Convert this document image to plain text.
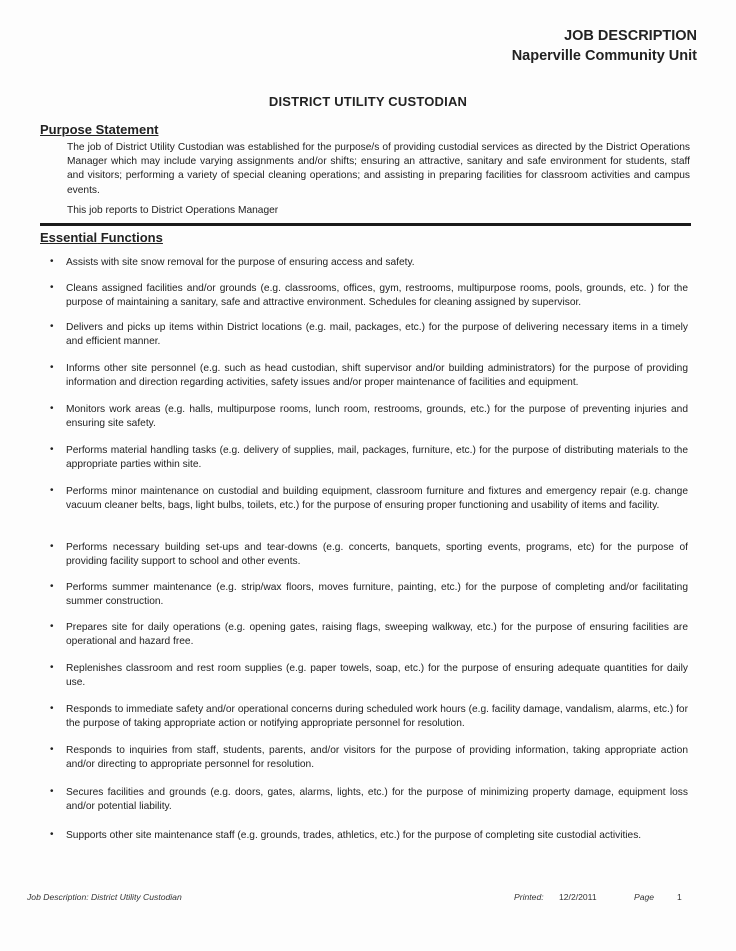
JOB DESCRIPTION
Naperville Community Unit
DISTRICT UTILITY CUSTODIAN
Purpose Statement
The job of District Utility Custodian was established for the purpose/s of providing custodial services as directed by the District Operations Manager which may include varying assignments and/or shifts; ensuring an attractive, sanitary and safe environment for students, staff and visitors; performing a variety of special cleaning operations; and assisting in preparing facilities for classroom activities and campus events.
This job reports to District Operations Manager
Essential Functions
• Assists with site snow removal for the purpose of ensuring access and safety.
• Cleans assigned facilities and/or grounds (e.g. classrooms, offices, gym, restrooms, multipurpose rooms, pools, grounds, etc. ) for the purpose of maintaining a sanitary, safe and attractive environment. Schedules for cleaning assigned by supervisor.
• Delivers and picks up items within District locations (e.g. mail, packages, etc.) for the purpose of delivering necessary items in a timely and efficient manner.
• Informs other site personnel (e.g. such as head custodian, shift supervisor and/or building administrators) for the purpose of providing information and direction regarding activities, safety issues and/or proper maintenance of facilities and equipment.
• Monitors work areas (e.g. halls, multipurpose rooms, lunch room, restrooms, grounds, etc.) for the purpose of preventing injuries and ensuring site safety.
• Performs material handling tasks (e.g. delivery of supplies, mail, packages, furniture, etc.) for the purpose of distributing materials to the appropriate parties within site.
• Performs minor maintenance on custodial and building equipment, classroom furniture and fixtures and emergency repair (e.g. change vacuum cleaner belts, bags, light bulbs, toilets, etc.) for the purpose of ensuring proper functioning and usability of items and facility.
• Performs necessary building set-ups and tear-downs (e.g. concerts, banquets, sporting events, programs, etc) for the purpose of providing facility support to school and other events.
• Performs summer maintenance (e.g. strip/wax floors, moves furniture, painting, etc.) for the purpose of completing and/or facilitating summer construction.
• Prepares site for daily operations (e.g. opening gates, raising flags, sweeping walkway, etc.) for the purpose of ensuring facilities are operational and hazard free.
• Replenishes classroom and rest room supplies (e.g. paper towels, soap, etc.) for the purpose of ensuring adequate quantities for daily use.
• Responds to immediate safety and/or operational concerns during scheduled work hours (e.g. facility damage, vandalism, alarms, etc.) for the purpose of taking appropriate action or notifying appropriate personnel for resolution.
• Responds to inquiries from staff, students, parents, and/or visitors for the purpose of providing information, taking appropriate action and/or directing to appropriate personnel for resolution.
• Secures facilities and grounds (e.g. doors, gates, alarms, lights, etc.) for the purpose of minimizing property damage, equipment loss and/or potential liability.
• Supports other site maintenance staff (e.g. grounds, trades, athletics, etc.) for the purpose of completing site custodial activities.
Job Description: District Utility Custodian	Printed: 12/2/2011	Page	1
